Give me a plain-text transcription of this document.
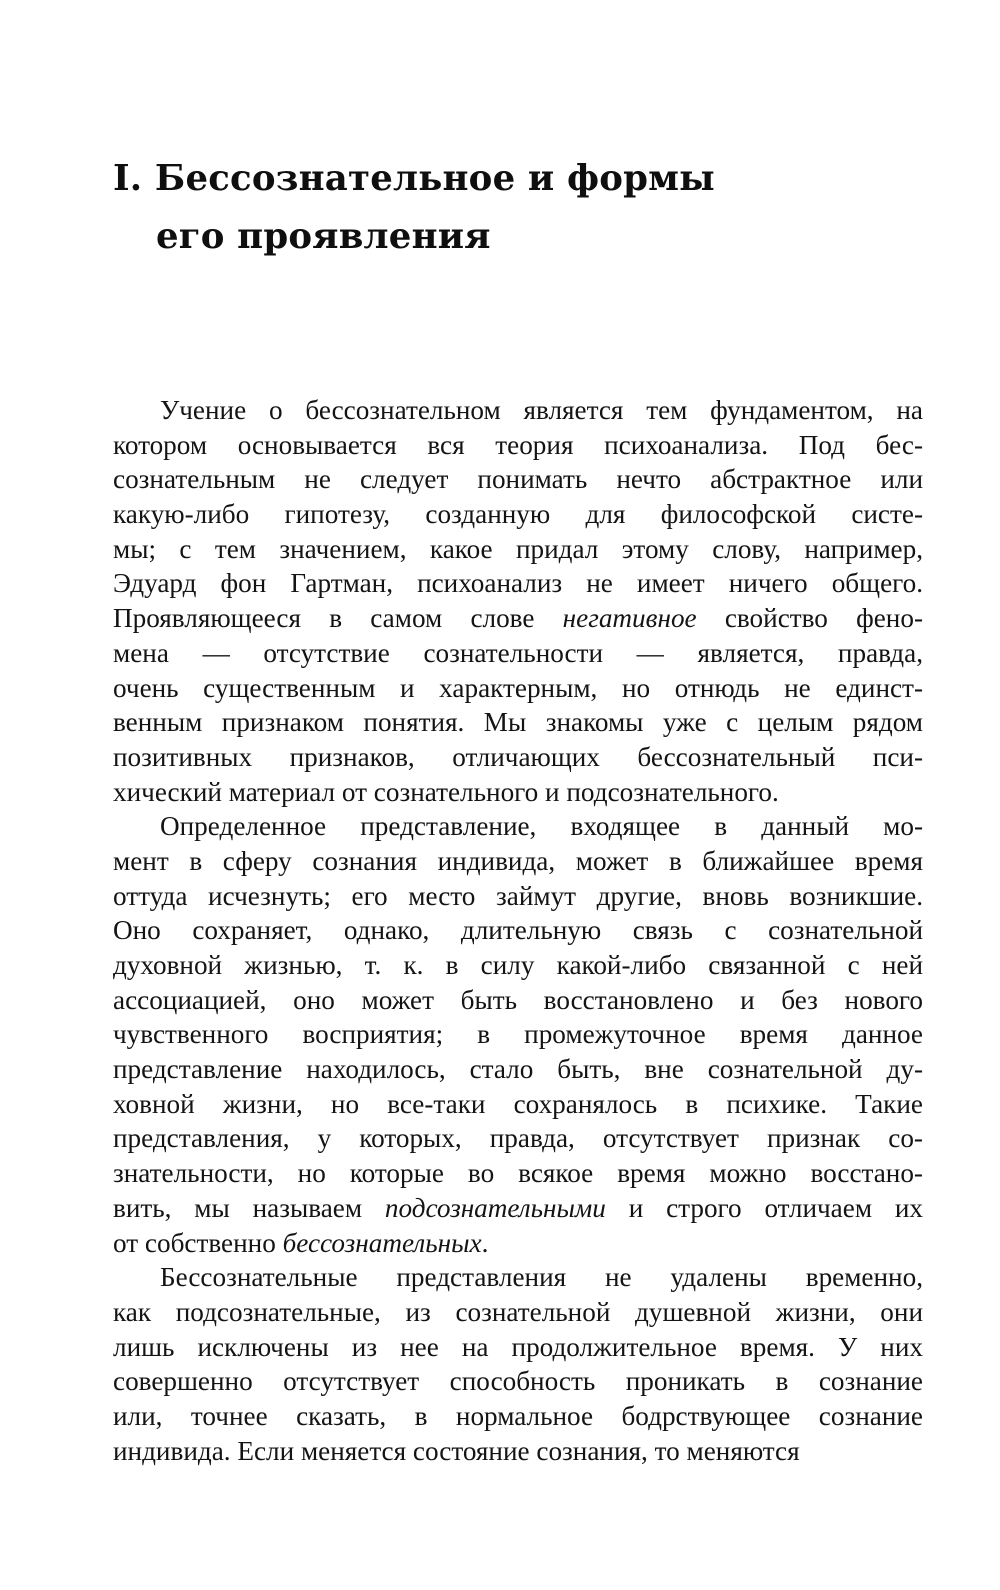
I. Бессознательное и формы
его проявления
Учение о бессознательном является тем фундаментом, на
котором основывается вся теория психоанализа. Под бес-
сознательным не следует понимать нечто абстрактное или
какую-либо гипотезу, созданную для философской систе-
мы; с тем значением, какое придал этому слову, например,
Эдуард фон Гартман, психоанализ не имеет ничего общего.
Проявляющееся в самом слове негативное свойство фено-
мена — отсутствие сознательности — является, правда,
очень существенным и характерным, но отнюдь не единст-
венным признаком понятия. Мы знакомы уже с целым рядом
позитивных признаков, отличающих бессознательный пси-
хический материал от сознательного и подсознательного.
Определенное представление, входящее в данный мо-
мент в сферу сознания индивида, может в ближайшее время
оттуда исчезнуть; его место займут другие, вновь возникшие.
Оно сохраняет, однако, длительную связь с сознательной
духовной жизнью, т. к. в силу какой-либо связанной с ней
ассоциацией, оно может быть восстановлено и без нового
чувственного восприятия; в промежуточное время данное
представление находилось, стало быть, вне сознательной ду-
ховной жизни, но все-таки сохранялось в психике. Такие
представления, у которых, правда, отсутствует признак со-
знательности, но которые во всякое время можно восстано-
вить, мы называем подсознательными и строго отличаем их
от собственно бессознательных.
Бессознательные представления не удалены временно,
как подсознательные, из сознательной душевной жизни, они
лишь исключены из нее на продолжительное время. У них
совершенно отсутствует способность проникать в сознание
или, точнее сказать, в нормальное бодрствующее сознание
индивида. Если меняется состояние сознания, то меняются
